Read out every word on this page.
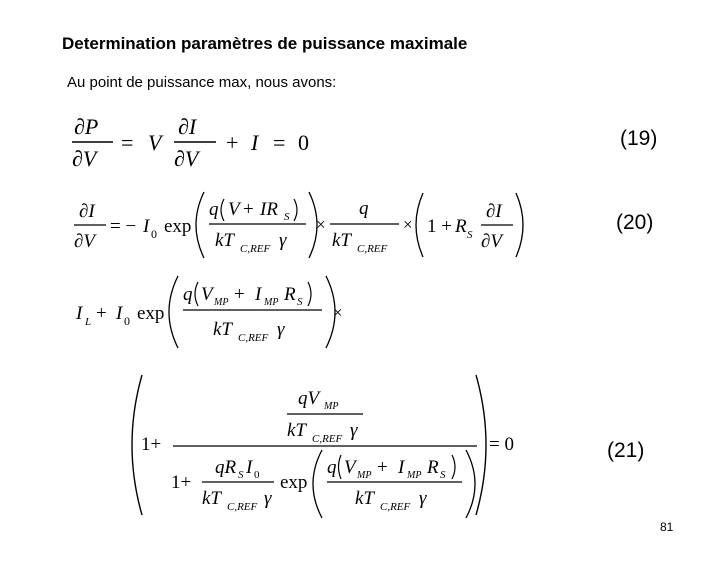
Determination paramètres de puissance maximale
Au point de puissance max, nous avons:
∂P
∂V
= V
∂I
∂V
+ I = 0
∂I
∂V
= − I 0 exp
q V + IR S
kT C,REF γ
×
q
kT C,REF
× 1 + R S
∂I
∂V
I L + I 0 exp
q V MP + I MP R S
kT C,REF γ
×
1+
qV MP
kT C,REF γ
1+
qR S I 0
kT C,REF γ
exp
q V MP + I MP R S
kT C,REF γ
= 0
(19)
(20)
(21)
81
